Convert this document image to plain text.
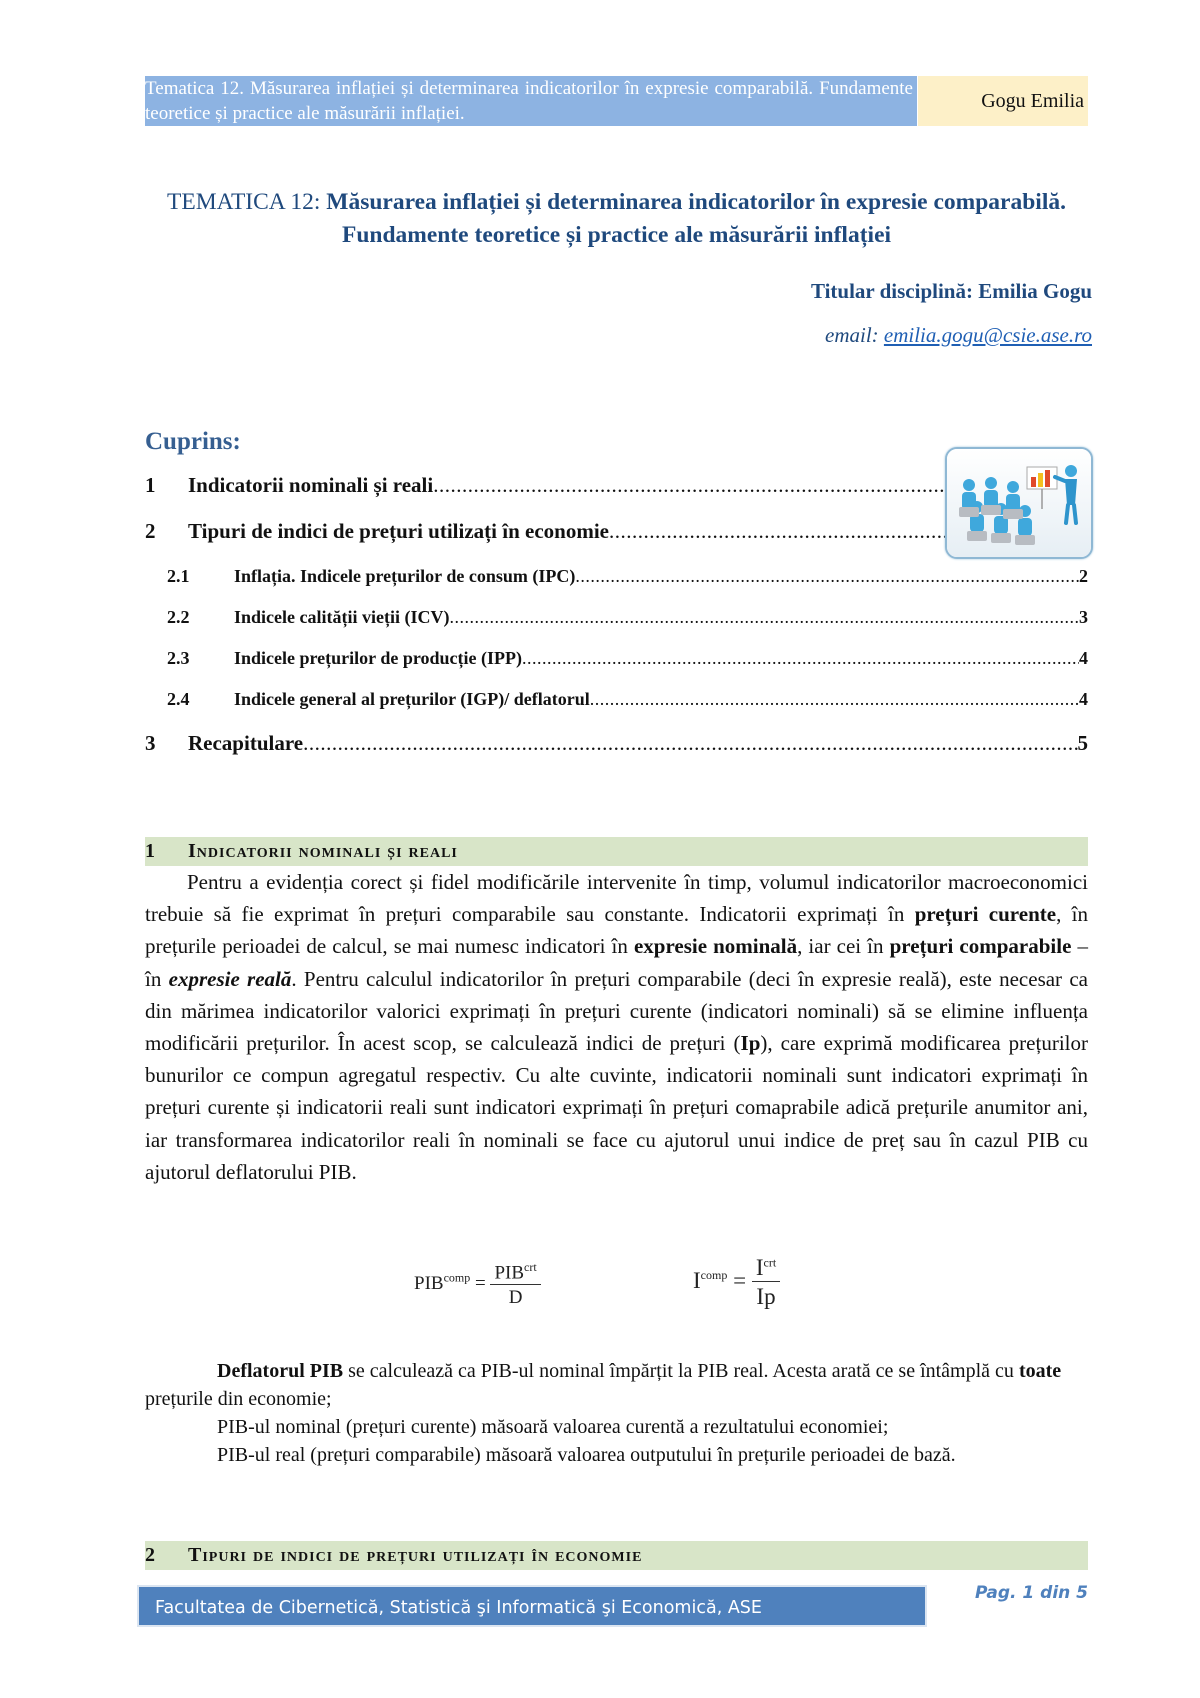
Tematica 12. Măsurarea inflației și determinarea indicatorilor în expresie comparabilă. Fundamente teoretice și practice ale măsurării inflației.
Gogu Emilia
TEMATICA 12: Măsurarea inflației și determinarea indicatorilor în expresie comparabilă. Fundamente teoretice și practice ale măsurării inflației
Titular disciplină: Emilia Gogu
email: emilia.gogu@csie.ase.ro
Cuprins:
1	Indicatorii nominali și reali
.....
2	Tipuri de indici de prețuri utilizați în economie
.....
2.1	Inflația. Indicele prețurilor de consum (IPC) .....	2
2.2	Indicele calității vieții (ICV) .....	3
2.3	Indicele prețurilor de producție (IPP) .....	4
2.4	Indicele general al prețurilor (IGP)/ deflatorul .....	4
3	Recapitulare .....	5
1	Indicatorii nominali și reali
Pentru a evidenția corect și fidel modificările intervenite în timp, volumul indicatorilor macroeconomici trebuie să fie exprimat în prețuri comparabile sau constante. Indicatorii exprimați în prețuri curente, în prețurile perioadei de calcul, se mai numesc indicatori în expresie nominală, iar cei în prețuri comparabile – în expresie reală. Pentru calculul indicatorilor în prețuri comparabile (deci în expresie reală), este necesar ca din mărimea indicatorilor valorici exprimați în prețuri curente (indicatori nominali) să se elimine influența modificării prețurilor. În acest scop, se calculează indici de prețuri (Ip), care exprimă modificarea prețurilor bunurilor ce compun agregatul respectiv. Cu alte cuvinte, indicatorii nominali sunt indicatori exprimați în prețuri curente și indicatorii reali sunt indicatori exprimați în prețuri comaprabile adică prețurile anumitor ani, iar transformarea indicatorilor reali în nominali se face cu ajutorul unui indice de preț sau în cazul PIB cu ajutorul deflatorului PIB.
$PIB^{comp} = \frac{PIB^{crt}}{D}$	$I^{comp} = \frac{I^{crt}}{Ip}$
Deflatorul PIB se calculează ca PIB-ul nominal împărțit la PIB real. Acesta arată ce se întâmplă cu toate prețurile din economie;
PIB-ul nominal (prețuri curente) măsoară valoarea curentă a rezultatului economiei;
PIB-ul real (prețuri comparabile) măsoară valoarea outputului în prețurile perioadei de bază.
2	Tipuri de indici de prețuri utilizați în economie
Facultatea de Cibernetică, Statistică şi Informatică şi Economică, ASE
Pag. 1 din 5
